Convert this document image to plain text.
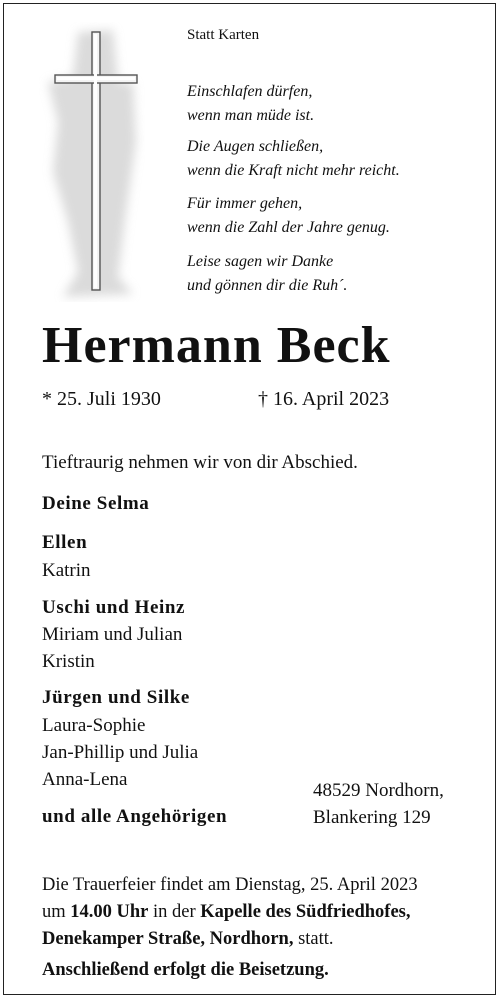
Statt Karten
Einschlafen dürfen,
wenn man müde ist.
Die Augen schließen,
wenn die Kraft nicht mehr reicht.
Für immer gehen,
wenn die Zahl der Jahre genug.
Leise sagen wir Danke
und gönnen dir die Ruh´.
Hermann Beck
* 25. Juli 1930	† 16. April 2023
Tieftraurig nehmen wir von dir Abschied.
Deine Selma
Ellen
Katrin
Uschi und Heinz
Miriam und Julian
Kristin
Jürgen und Silke
Laura-Sophie
Jan-Phillip und Julia
Anna-Lena
und alle Angehörigen
48529 Nordhorn,
Blankering 129
Die Trauerfeier findet am Dienstag, 25. April 2023
um 14.00 Uhr in der Kapelle des Südfriedhofes,
Denekamper Straße, Nordhorn, statt.
Anschließend erfolgt die Beisetzung.
